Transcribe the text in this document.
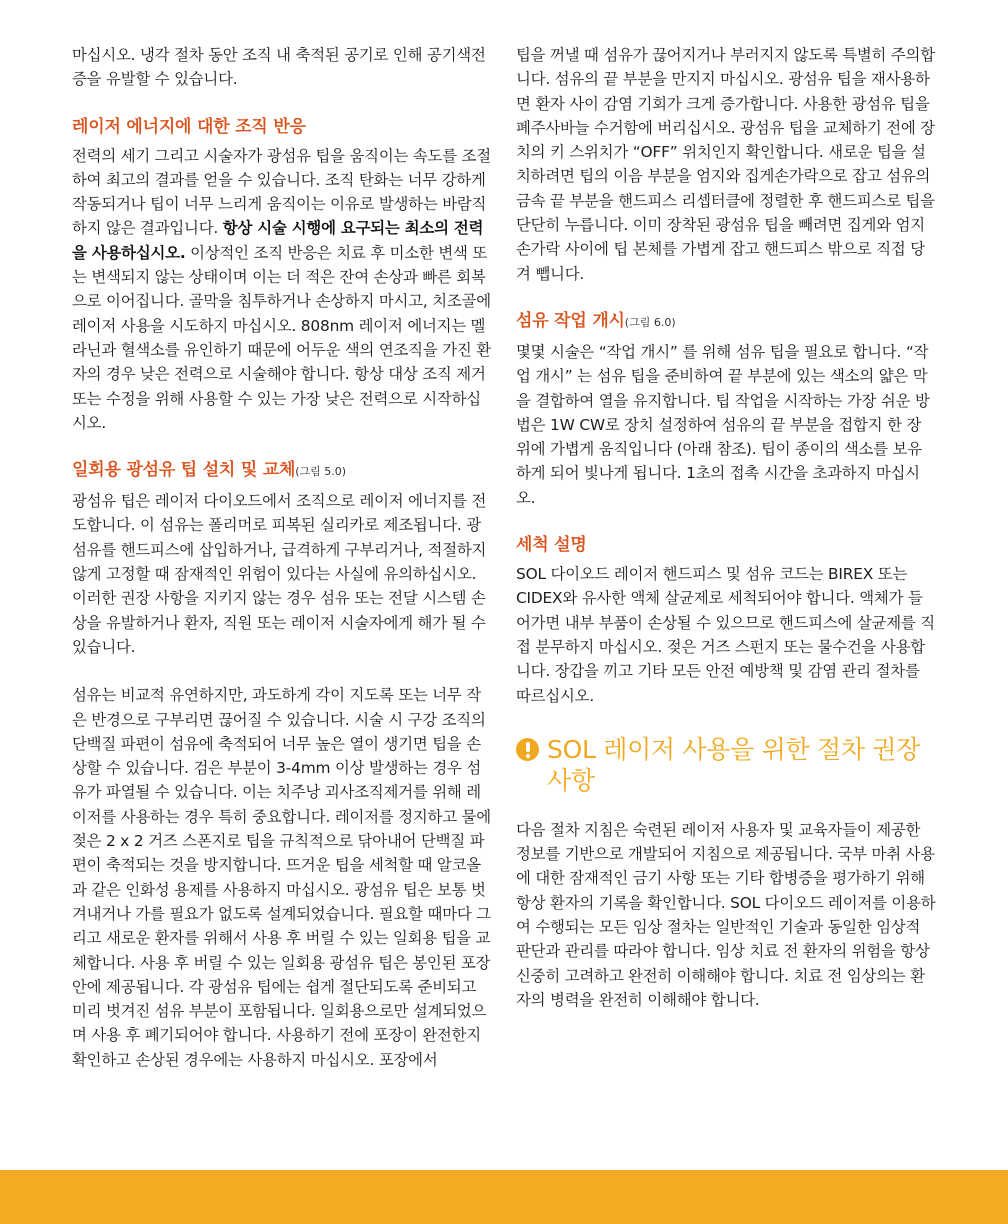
마십시오. 냉각 절차 동안 조직 내 축적된 공기로 인해 공기색전증을 유발할 수 있습니다.

레이저 에너지에 대한 조직 반응

전력의 세기 그리고 시술자가 광섬유 팁을 움직이는 속도를 조절하여 최고의 결과를 얻을 수 있습니다. 조직 탄화는 너무 강하게 작동되거나 팁이 너무 느리게 움직이는 이유로 발생하는 바람직하지 않은 결과입니다. 항상 시술 시행에 요구되는 최소의 전력을 사용하십시오. 이상적인 조직 반응은 치료 후 미소한 변색 또는 변색되지 않는 상태이며 이는 더 적은 잔여 손상과 빠른 회복으로 이어집니다. 골막을 침투하거나 손상하지 마시고, 치조골에 레이저 사용을 시도하지 마십시오. 808nm 레이저 에너지는 멜라닌과 혈색소를 유인하기 때문에 어두운 색의 연조직을 가진 환자의 경우 낮은 전력으로 시술해야 합니다. 항상 대상 조직 제거 또는 수정을 위해 사용할 수 있는 가장 낮은 전력으로 시작하십시오.

일회용 광섬유 팁 설치 및 교체(그림 5.0)

광섬유 팁은 레이저 다이오드에서 조직으로 레이저 에너지를 전도합니다. 이 섬유는 폴리머로 피복된 실리카로 제조됩니다. 광섬유를 핸드피스에 삽입하거나, 급격하게 구부리거나, 적절하지 않게 고정할 때 잠재적인 위험이 있다는 사실에 유의하십시오. 이러한 권장 사항을 지키지 않는 경우 섬유 또는 전달 시스템 손상을 유발하거나 환자, 직원 또는 레이저 시술자에게 해가 될 수 있습니다.

섬유는 비교적 유연하지만, 과도하게 각이 지도록 또는 너무 작은 반경으로 구부리면 끊어질 수 있습니다. 시술 시 구강 조직의 단백질 파편이 섬유에 축적되어 너무 높은 열이 생기면 팁을 손상할 수 있습니다. 검은 부분이 3-4mm 이상 발생하는 경우 섬유가 파열될 수 있습니다. 이는 치주낭 괴사조직제거를 위해 레이저를 사용하는 경우 특히 중요합니다. 레이저를 정지하고 물에 젖은 2 x 2 거즈 스폰지로 팁을 규칙적으로 닦아내어 단백질 파편이 축적되는 것을 방지합니다. 뜨거운 팁을 세척할 때 알코올과 같은 인화성 용제를 사용하지 마십시오. 광섬유 팁은 보통 벗겨내거나 가를 필요가 없도록 설계되었습니다. 필요할 때마다 그리고 새로운 환자를 위해서 사용 후 버릴 수 있는 일회용 팁을 교체합니다. 사용 후 버릴 수 있는 일회용 광섬유 팁은 봉인된 포장 안에 제공됩니다. 각 광섬유 팁에는 쉽게 절단되도록 준비되고 미리 벗겨진 섬유 부분이 포함됩니다. 일회용으로만 설계되었으며 사용 후 폐기되어야 합니다. 사용하기 전에 포장이 완전한지 확인하고 손상된 경우에는 사용하지 마십시오. 포장에서

팁을 꺼낼 때 섬유가 끊어지거나 부러지지 않도록 특별히 주의합니다. 섬유의 끝 부분을 만지지 마십시오. 광섬유 팁을 재사용하면 환자 사이 감염 기회가 크게 증가합니다. 사용한 광섬유 팁을 폐주사바늘 수거함에 버리십시오. 광섬유 팁을 교체하기 전에 장치의 키 스위치가 “OFF” 위치인지 확인합니다. 새로운 팁을 설치하려면 팁의 이음 부분을 엄지와 집게손가락으로 잡고 섬유의 금속 끝 부분을 핸드피스 리셉터클에 정렬한 후 핸드피스로 팁을 단단히 누릅니다. 이미 장착된 광섬유 팁을 빼려면 집게와 엄지손가락 사이에 팁 본체를 가볍게 잡고 핸드피스 밖으로 직접 당겨 뺍니다.

섬유 작업 개시(그림 6.0)

몇몇 시술은 “작업 개시” 를 위해 섬유 팁을 필요로 합니다. “작업 개시” 는 섬유 팁을 준비하여 끝 부분에 있는 색소의 얇은 막을 결합하여 열을 유지합니다. 팁 작업을 시작하는 가장 쉬운 방법은 1W CW로 장치 설정하여 섬유의 끝 부분을 접합지 한 장 위에 가볍게 움직입니다 (아래 참조). 팁이 종이의 색소를 보유하게 되어 빛나게 됩니다. 1초의 접촉 시간을 초과하지 마십시오.

세척 설명

SOL 다이오드 레이저 핸드피스 및 섬유 코드는 BIREX 또는 CIDEX와 유사한 액체 살균제로 세척되어야 합니다. 액체가 들어가면 내부 부품이 손상될 수 있으므로 핸드피스에 살균제를 직접 분무하지 마십시오. 젖은 거즈 스펀지 또는 물수건을 사용합니다. 장갑을 끼고 기타 모든 안전 예방책 및 감염 관리 절차를 따르십시오.

SOL 레이저 사용을 위한 절차 권장 사항

다음 절차 지침은 숙련된 레이저 사용자 및 교육자들이 제공한 정보를 기반으로 개발되어 지침으로 제공됩니다. 국부 마취 사용에 대한 잠재적인 금기 사항 또는 기타 합병증을 평가하기 위해 항상 환자의 기록을 확인합니다. SOL 다이오드 레이저를 이용하여 수행되는 모든 임상 절차는 일반적인 기술과 동일한 임상적 판단과 관리를 따라야 합니다. 임상 치료 전 환자의 위험을 항상 신중히 고려하고 완전히 이해해야 합니다. 치료 전 임상의는 환자의 병력을 완전히 이해해야 합니다.
